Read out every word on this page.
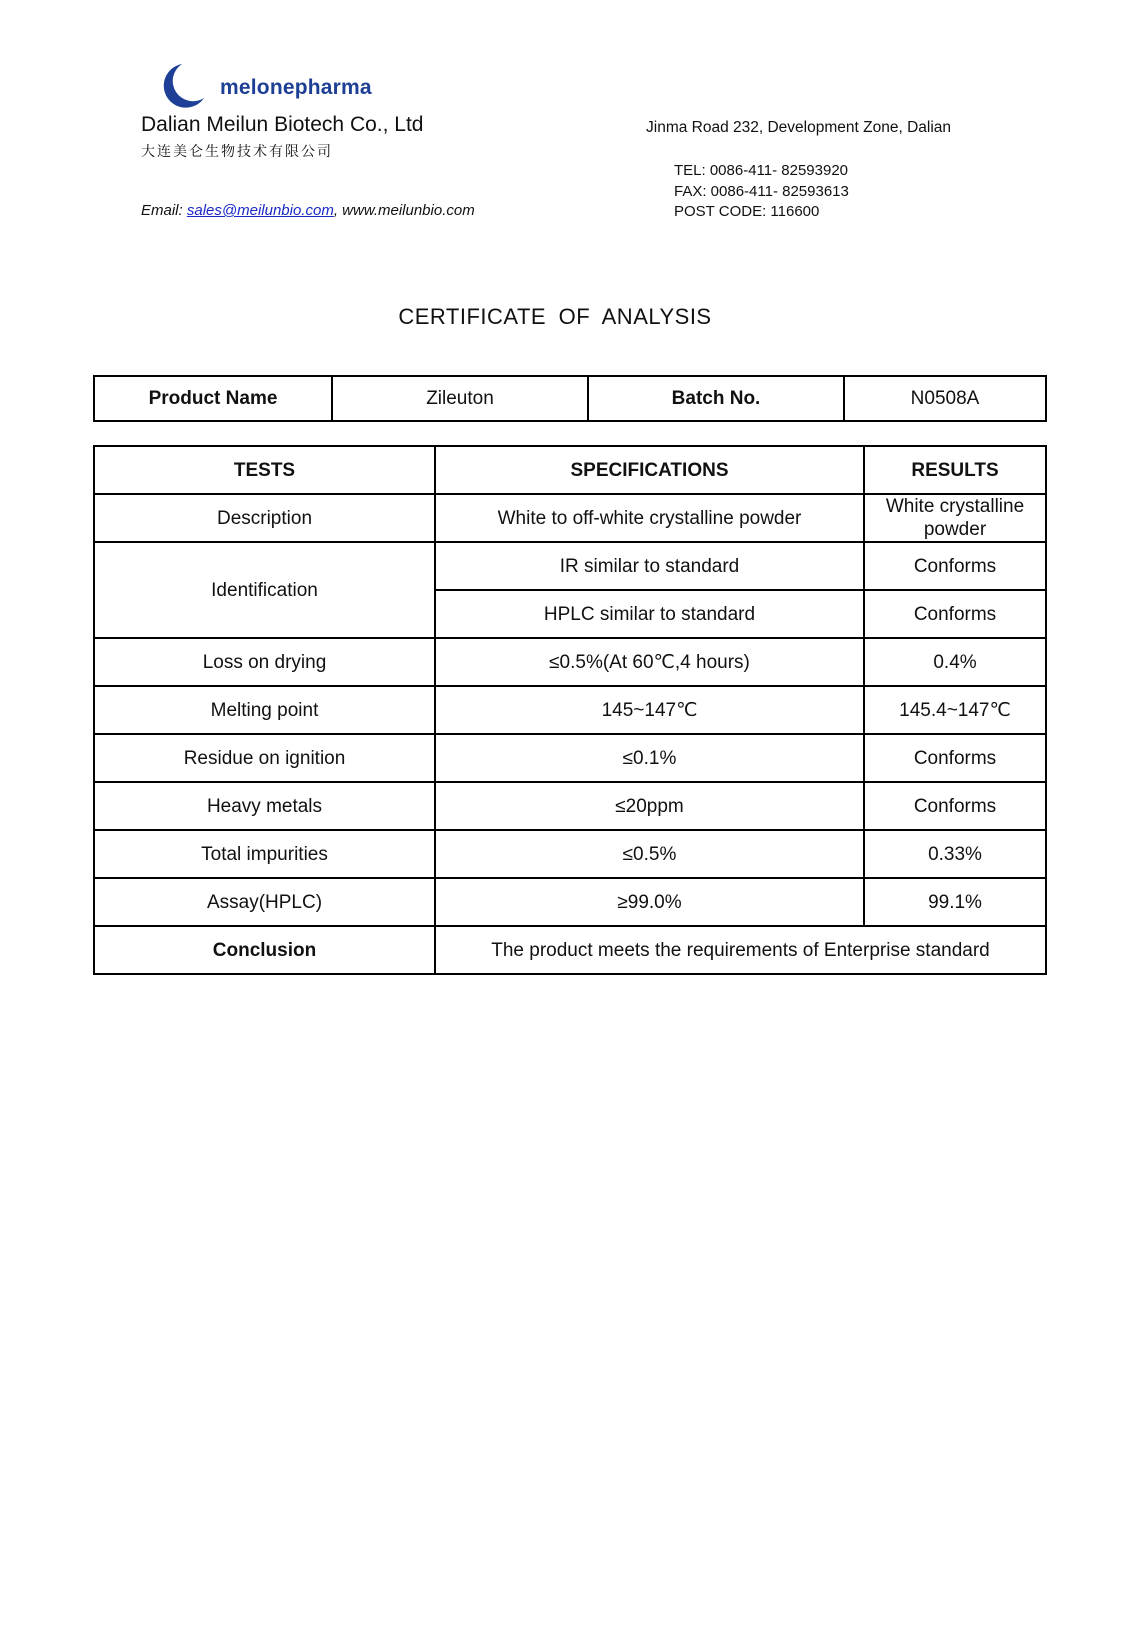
melonepharma
Dalian Meilun Biotech Co., Ltd
大连美仑生物技术有限公司
Email: sales@meilunbio.com, www.meilunbio.com
Jinma Road 232, Development Zone, Dalian
TEL: 0086-411- 82593920
FAX: 0086-411- 82593613
POST CODE: 116600
CERTIFICATE OF ANALYSIS
Product Name	Zileuton	Batch No.	N0508A
TESTS	SPECIFICATIONS	RESULTS
Description	White to off-white crystalline powder	White crystalline powder
Identification	IR similar to standard	Conforms
	HPLC similar to standard	Conforms
Loss on drying	≤0.5%(At 60℃,4 hours)	0.4%
Melting point	145~147℃	145.4~147℃
Residue on ignition	≤0.1%	Conforms
Heavy metals	≤20ppm	Conforms
Total impurities	≤0.5%	0.33%
Assay(HPLC)	≥99.0%	99.1%
Conclusion	The product meets the requirements of Enterprise standard	
